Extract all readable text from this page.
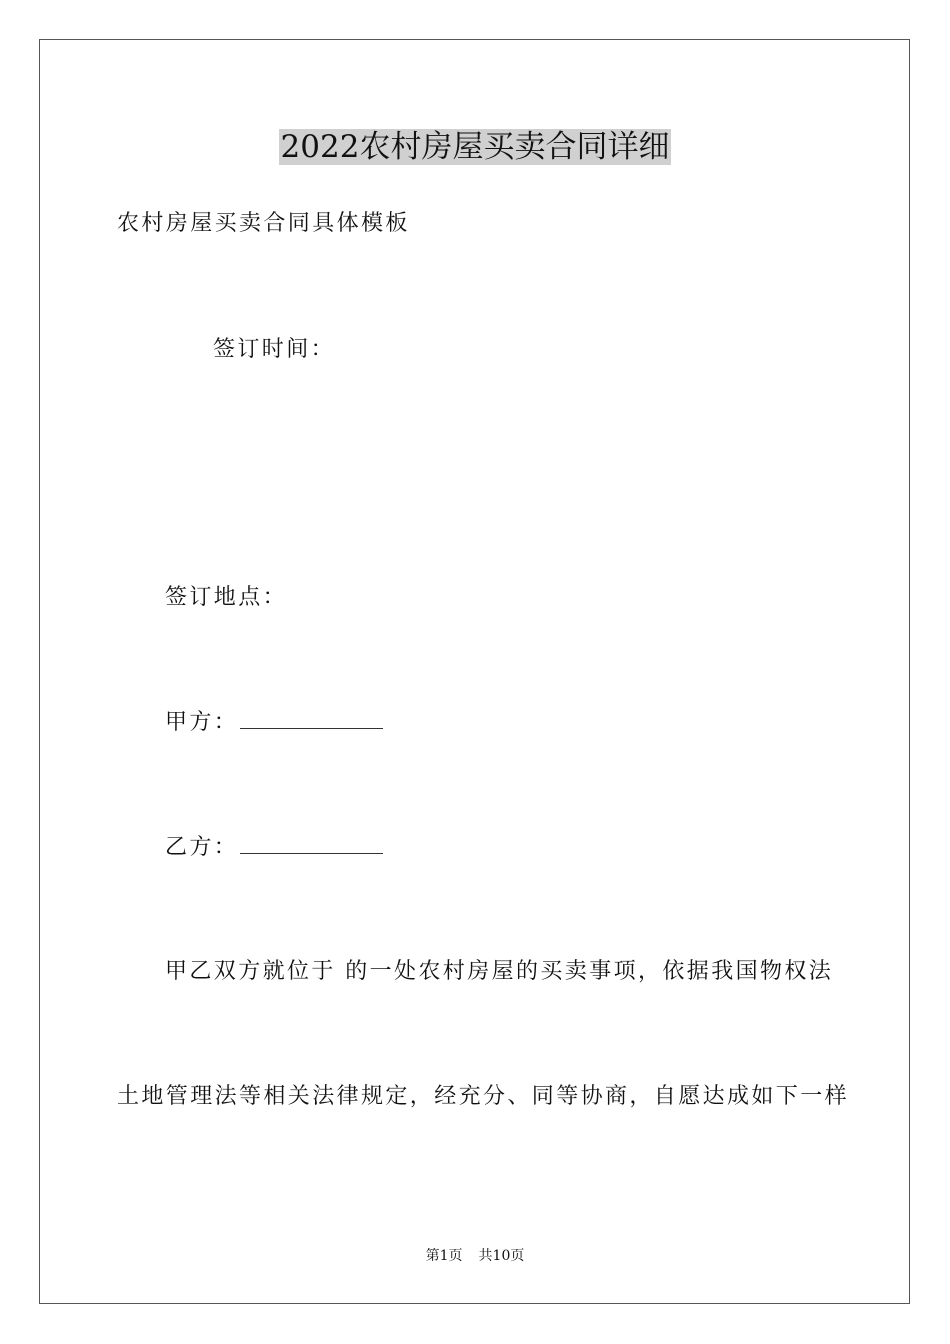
2022农村房屋买卖合同详细
农村房屋买卖合同具体模板
签订时间：
签订地点：
甲方：
乙方：
甲乙双方就位于 的一处农村房屋的买卖事项，依据我国物权法
土地管理法等相关法律规定，经充分、同等协商，自愿达成如下一样
第1页 共10页
